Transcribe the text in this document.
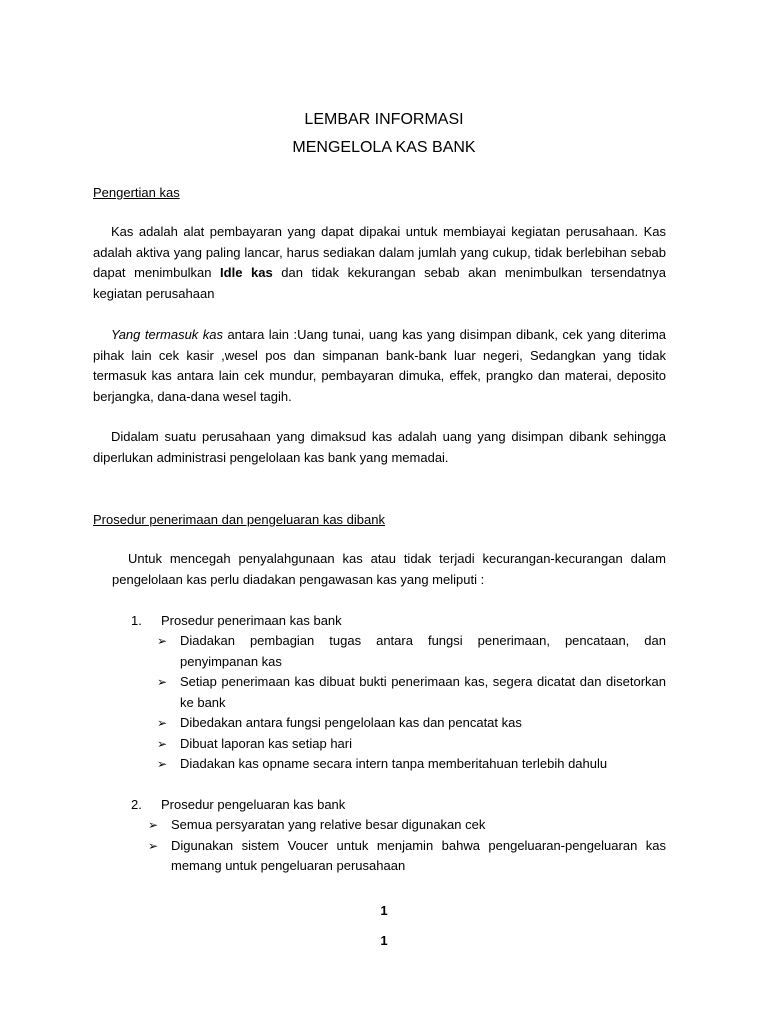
LEMBAR INFORMASI
MENGELOLA KAS BANK
Pengertian kas

Kas adalah alat pembayaran yang dapat dipakai untuk membiayai kegiatan perusahaan. Kas adalah aktiva yang paling lancar, harus sediakan dalam jumlah yang cukup, tidak berlebihan sebab dapat menimbulkan Idle kas dan tidak kekurangan sebab akan menimbulkan tersendatnya kegiatan perusahaan

Yang termasuk kas antara lain :Uang tunai, uang kas yang disimpan dibank, cek yang diterima pihak lain cek kasir ,wesel pos dan simpanan bank-bank luar negeri, Sedangkan yang tidak termasuk kas antara lain cek mundur, pembayaran dimuka, effek, prangko dan materai, deposito berjangka, dana-dana wesel tagih.

Didalam suatu perusahaan yang dimaksud kas adalah uang yang disimpan dibank sehingga diperlukan administrasi pengelolaan kas bank yang memadai.

Prosedur penerimaan dan pengeluaran kas dibank

Untuk mencegah penyalahgunaan kas atau tidak terjadi kecurangan-kecurangan dalam pengelolaan kas perlu diadakan pengawasan kas yang meliputi :

1. Prosedur penerimaan kas bank
➢ Diadakan pembagian tugas antara fungsi penerimaan, pencataan, dan penyimpanan kas
➢ Setiap penerimaan kas dibuat bukti penerimaan kas, segera dicatat dan disetorkan ke bank
➢ Dibedakan antara fungsi pengelolaan kas dan pencatat kas
➢ Dibuat laporan kas setiap hari
➢ Diadakan kas opname secara intern tanpa memberitahuan terlebih dahulu
2. Prosedur pengeluaran kas bank
➢ Semua persyaratan yang relative besar digunakan cek
➢ Digunakan sistem Voucer untuk menjamin bahwa pengeluaran-pengeluaran kas memang untuk pengeluaran perusahaan
1
1
